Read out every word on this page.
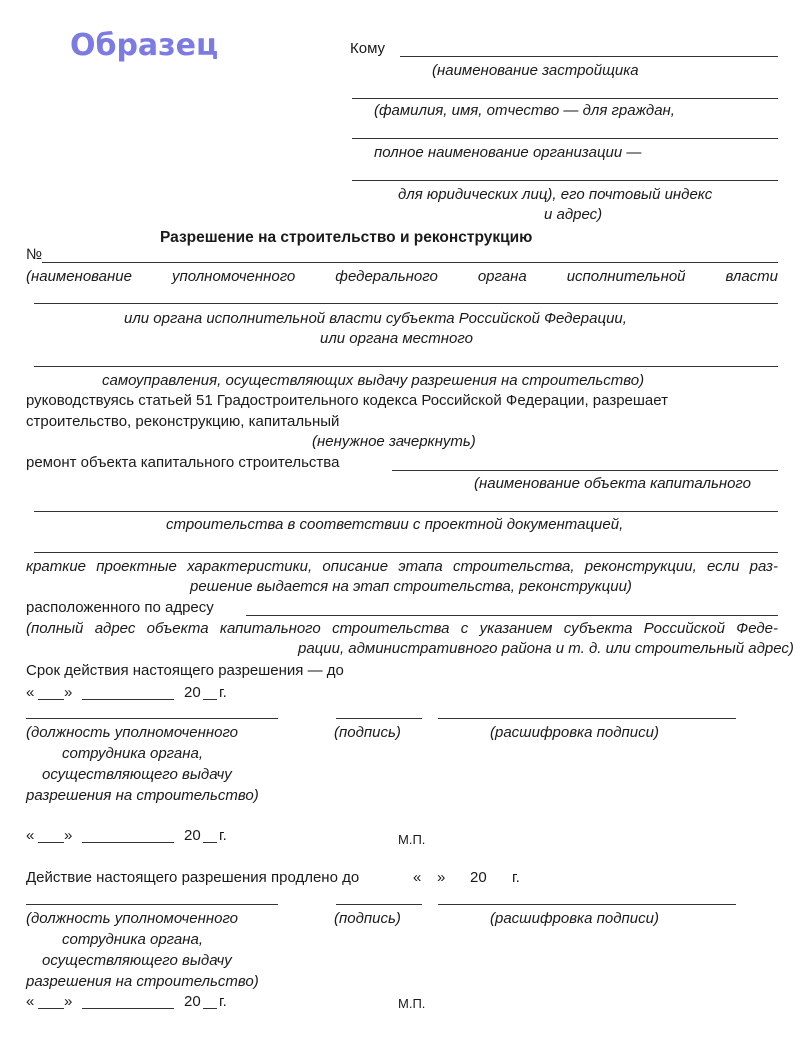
Образец	Кому
(наименование застройщика
(фамилия, имя, отчество — для граждан,
полное наименование организации —
для юридических лиц), его почтовый индекс
и адрес)
Разрешение на строительство и реконструкцию
№
(наименование уполномоченного федерального органа исполнительной власти
или органа исполнительной власти субъекта Российской Федерации,
или органа местного
самоуправления, осуществляющих выдачу разрешения на строительство)
руководствуясь статьей 51 Градостроительного кодекса Российской Федерации, разрешает
строительство, реконструкцию, капитальный
(ненужное зачеркнуть)
ремонт объекта капитального строительства
(наименование объекта капитального
строительства в соответствии с проектной документацией,
краткие проектные характеристики, описание этапа строительства, реконструкции, если раз-
решение выдается на этап строительства, реконструкции)
расположенного по адресу
(полный адрес объекта капитального строительства с указанием субъекта Российской Феде-
рации, административного района и т. д. или строительный адрес)
Срок действия настоящего разрешения — до
« »	20 г.
(должность уполномоченного	(подпись)	(расшифровка подписи)
сотрудника органа,
осуществляющего выдачу
разрешения на строительство)
« »	20 г.	М.П.
Действие настоящего разрешения продлено до	« » 20 г.
(должность уполномоченного	(подпись)	(расшифровка подписи)
сотрудника органа,
осуществляющего выдачу
разрешения на строительство)
« »	20 г.	М.П.
